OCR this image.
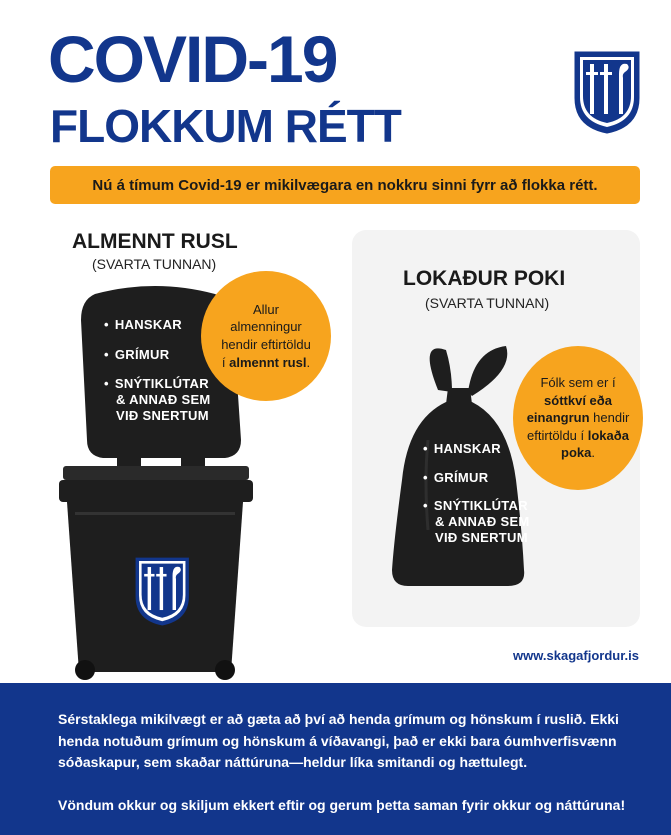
COVID-19
FLOKKUM RÉTT
Nú á tímum Covid-19 er mikilvægara en nokkru sinni fyrr að flokka rétt.
ALMENNT RUSL
(SVARTA TUNNAN)
• HANSKAR
• GRÍMUR
• SNÝTIKLÚTAR
& ANNAÐ SEM
VIÐ SNERTUM
Allur almenningur hendir eftirtöldu í almennt rusl.
LOKAÐUR POKI
(SVARTA TUNNAN)
• HANSKAR
• GRÍMUR
• SNÝTIKLÚTAR
& ANNAÐ SEM
VIÐ SNERTUM
Fólk sem er í sóttkví eða einangrun hendir eftirtöldu í lokaða poka.
www.skagafjordur.is

Sérstaklega mikilvægt er að gæta að því að henda grímum og hönskum í ruslið. Ekki henda notuðum grímum og hönskum á víðavangi, það er ekki bara óumhverfisvænn sóðaskapur, sem skaðar náttúruna—heldur líka smitandi og hættulegt.

Vöndum okkur og skiljum ekkert eftir og gerum þetta saman fyrir okkur og náttúruna!
